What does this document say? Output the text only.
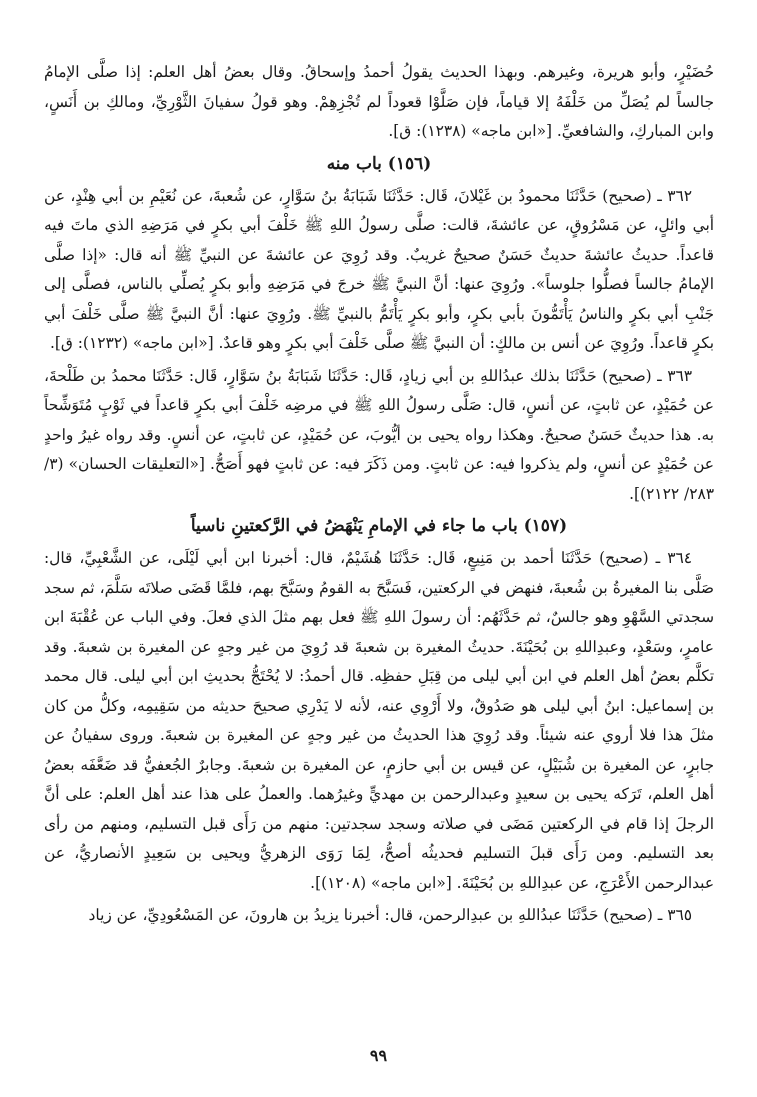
حُضَيْرٍ، وأبو هريرة، وغيرهم. وبهذا الحديث يقولُ أحمدُ وإسحاقُ. وقال بعضُ أهل العلم: إذا صلَّى الإمامُ جالساً لم يُصَلِّ من خَلْفَهُ إلا قياماً، فإن صَلَّوْا قعوداً لم تُجْزِهِمْ. وهو قولُ سفيانَ الثَّوْرِيِّ، ومالكِ بن أَنَسٍ، وابن المباركِ، والشافعيِّ. [«ابن ماجه» (١٢٣٨): ق].

(١٥٦) باب منه

٣٦٢ ـ (صحيح) حَدَّثَنَا محمودُ بن غَيْلانَ، قَال: حَدَّثَنَا شَبَابَةُ بنُ سَوَّارٍ، عن شُعبةَ، عن نُعَيْمِ بن أبي هِنْدٍ، عن أبي وائلٍ، عن مَسْرُوقٍ، عن عائشةَ، قالت: صلَّى رسولُ اللهِ ﷺ خَلْفَ أبي بكرٍ في مَرَضِهِ الذي ماتَ فيه قاعداً. حديثُ عائشةَ حديثٌ حَسَنٌ صحيحٌ غريبٌ. وقد رُوِيَ عن عائشةَ عن النبيِّ ﷺ أنه قال: «إذا صلَّى الإمامُ جالساً فصلُّوا جلوساً». ورُوِيَ عنها: أنَّ النبيَّ ﷺ خرجَ في مَرَضِهِ وأبو بكرٍ يُصلِّي بالناس، فصلَّى إلى جَنْبِ أبي بكرٍ والناسُ يَأْتَمُّونَ بأبي بكرٍ، وأبو بكرٍ يَأْتَمُّ بالنبيِّ ﷺ. ورُوِيَ عنها: أنَّ النبيَّ ﷺ صلَّى خَلْفَ أبي بكرٍ قاعداً. ورُوِيَ عن أنس بن مالكٍ: أن النبيَّ ﷺ صلَّى خَلْفَ أبي بكرٍ وهو قاعدٌ. [«ابن ماجه» (١٢٣٢): ق].

٣٦٣ ـ (صحيح) حَدَّثَنَا بذلك عبدُاللهِ بن أبي زيادٍ، قَال: حَدَّثَنَا شَبَابَةُ بنُ سَوَّارٍ، قَال: حَدَّثَنَا محمدُ بن طَلْحةَ، عن حُمَيْدٍ، عن ثابتٍ، عن أنسٍ، قال: صَلَّى رسولُ اللهِ ﷺ في مرضِه خَلْفَ أبي بكرٍ قاعداً في ثَوْبٍ مُتَوَشِّحاً به. هذا حديثٌ حَسَنٌ صحيحٌ. وهكذا رواه يحيى بن أيُّوبَ، عن حُمَيْدٍ، عن ثابتٍ، عن أنسٍ. وقد رواه غيرُ واحدٍ عن حُمَيْدٍ عن أنسٍ، ولم يذكروا فيه: عن ثابتٍ. ومن ذَكَرَ فيه: عن ثابتٍ فهو أَصَحُّ. [«التعليقات الحسان» (٣/ ٢٨٣/ ٢١٢٢)].

(١٥٧) باب ما جاء في الإمامِ يَنْهَضُ في الرَّكعتينِ ناسياً

٣٦٤ ـ (صحيح) حَدَّثَنَا أحمد بن مَنِيعٍ، قَال: حَدَّثَنَا هُشَيْمٌ، قال: أخبرنا ابن أبي لَيْلَى، عن الشَّعْبِيِّ، قال: صَلَّى بنا المغيرةُ بن شُعبةَ، فنهض في الركعتين، فَسَبَّحَ به القومُ وسَبَّحَ بهم، فلمَّا قَضَى صلاتَه سَلَّمَ، ثم سجد سجدتي السَّهْوِ وهو جالسٌ، ثم حَدَّثَهُم: أن رسولَ اللهِ ﷺ فعل بهم مثلَ الذي فعلَ. وفي الباب عن عُقْبَةَ ابن عامرٍ، وسَعْدٍ، وعبدِاللهِ بن بُحَيْنَةَ. حديثُ المغيرة بن شعبةَ قد رُوِيَ من غير وجهٍ عن المغيرة بن شعبةَ. وقد تكلَّم بعضُ أهل العلم في ابن أبي ليلى من قِبَلِ حفظِه. قال أحمدُ: لا يُحْتَجُّ بحديثِ ابن أبي ليلى. قال محمد بن إسماعيل: ابنُ أبي ليلى هو صَدُوقٌ، ولا أَرْوِي عنه، لأنه لا يَدْرِي صحيحَ حديثه من سَقِيمِه، وكلُّ من كان مثلَ هذا فلا أروي عنه شيئاً. وقد رُوِيَ هذا الحديثُ من غير وجهٍ عن المغيرة بن شعبةَ. وروى سفيانُ عن جابرٍ، عن المغيرة بن شُبَيْلٍ، عن قيس بن أبي حازمٍ، عن المغيرة بن شعبةَ. وجابرٌ الجُعفيُّ قد ضَعَّفَه بعضُ أهل العلم، تَرَكه يحيى بن سعيدٍ وعبدالرحمن بن مهديٍّ وغيرُهما. والعملُ على هذا عند أهل العلم: على أنَّ الرجلَ إذا قام في الركعتين مَضَى في صلاته وسجد سجدتين: منهم من رَأَى قبل التسليم، ومنهم من رأى بعد التسليم. ومن رَأَى قبلَ التسليم فحديثُه أصحُّ، لِمَا رَوَى الزهريُّ ويحيى بن سَعِيدٍ الأنصاريُّ، عن عبدالرحمن الأَعْرَجِ، عن عبدِاللهِ بن بُحَيْنَةَ. [«ابن ماجه» (١٢٠٨)].

٣٦٥ ـ (صحيح) حَدَّثَنَا عبدُاللهِ بن عبدِالرحمن، قال: أخبرنا يزيدُ بن هارونَ، عن المَسْعُودِيِّ، عن زياد

٩٩
